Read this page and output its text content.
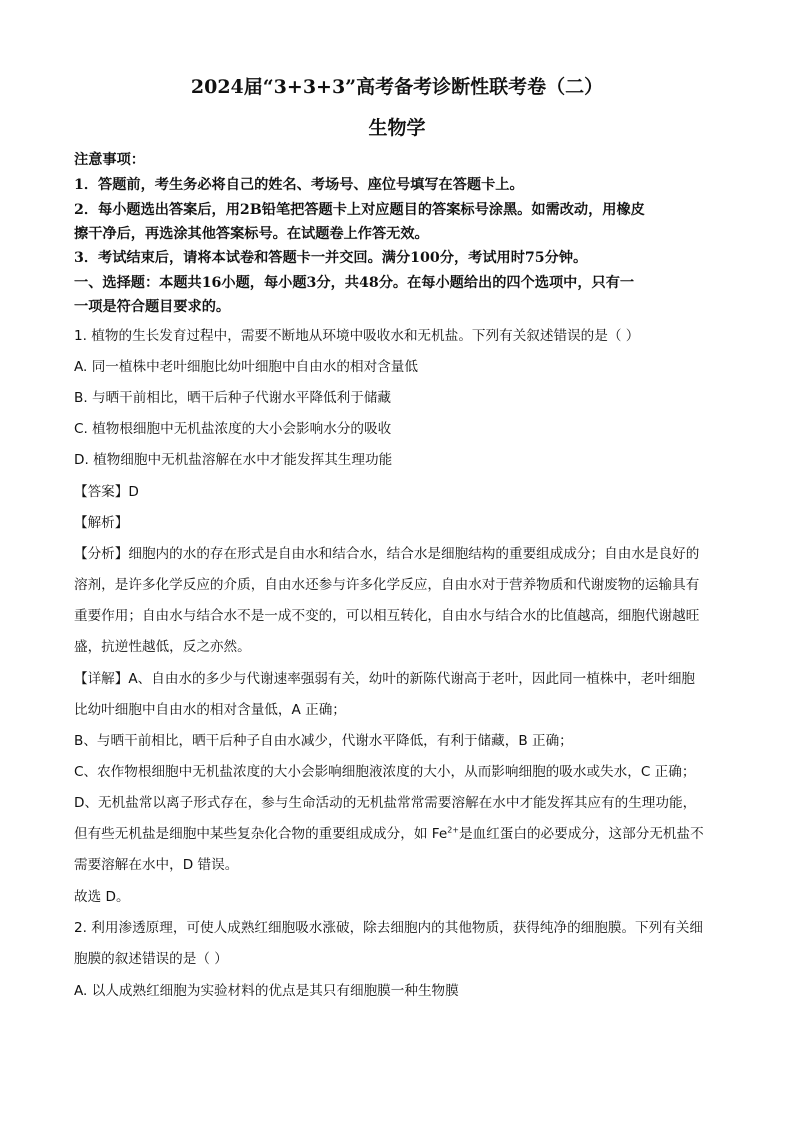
2024届“3+3+3”高考备考诊断性联考卷（二）
生物学
注意事项：
1．答题前，考生务必将自己的姓名、考场号、座位号填写在答题卡上。
2．每小题选出答案后，用2B铅笔把答题卡上对应题目的答案标号涂黑。如需改动，用橡皮
擦干净后，再选涂其他答案标号。在试题卷上作答无效。
3．考试结束后，请将本试卷和答题卡一并交回。满分100分，考试用时75分钟。
一、选择题：本题共16小题，每小题3分，共48分。在每小题给出的四个选项中，只有一
一项是符合题目要求的。
1. 植物的生长发育过程中，需要不断地从环境中吸收水和无机盐。下列有关叙述错误的是（ ）
A. 同一植株中老叶细胞比幼叶细胞中自由水的相对含量低
B. 与晒干前相比，晒干后种子代谢水平降低利于储藏
C. 植物根细胞中无机盐浓度的大小会影响水分的吸收
D. 植物细胞中无机盐溶解在水中才能发挥其生理功能
【答案】D
【解析】
【分析】细胞内的水的存在形式是自由水和结合水，结合水是细胞结构的重要组成成分；自由水是良好的
溶剂，是许多化学反应的介质，自由水还参与许多化学反应，自由水对于营养物质和代谢废物的运输具有
重要作用；自由水与结合水不是一成不变的，可以相互转化，自由水与结合水的比值越高，细胞代谢越旺
盛，抗逆性越低，反之亦然。
【详解】A、自由水的多少与代谢速率强弱有关，幼叶的新陈代谢高于老叶，因此同一植株中，老叶细胞
比幼叶细胞中自由水的相对含量低，A 正确；
B、与晒干前相比，晒干后种子自由水减少，代谢水平降低，有利于储藏，B 正确；
C、农作物根细胞中无机盐浓度的大小会影响细胞液浓度的大小，从而影响细胞的吸水或失水，C 正确；
D、无机盐常以离子形式存在，参与生命活动的无机盐常常需要溶解在水中才能发挥其应有的生理功能，
但有些无机盐是细胞中某些复杂化合物的重要组成成分，如 $Fe^{2+}$是血红蛋白的必要成分，这部分无机盐不
需要溶解在水中，D 错误。
故选 D。
2. 利用渗透原理，可使人成熟红细胞吸水涨破，除去细胞内的其他物质，获得纯净的细胞膜。下列有关细
胞膜的叙述错误的是（ ）
A. 以人成熟红细胞为实验材料的优点是其只有细胞膜一种生物膜
